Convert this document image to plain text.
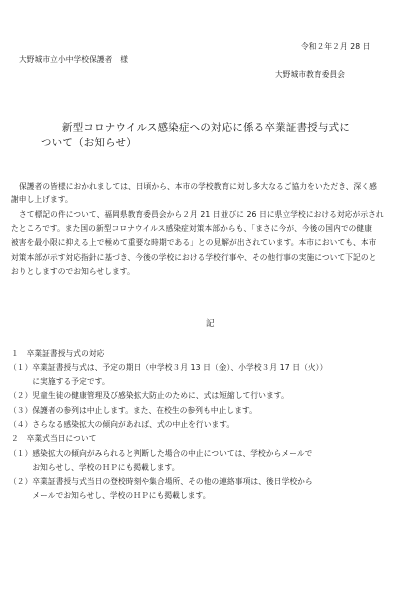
令和２年２月 28 日
大野城市立小中学校保護者　様
大野城市教育委員会
新型コロナウイルス感染症への対応に係る卒業証書授与式に
ついて（お知らせ）
保護者の皆様におかれましては、日頃から、本市の学校教育に対し多大なるご協力をいただき、深く感
謝申し上げます。
さて標記の件について、福岡県教育委員会から２月 21 日並びに 26 日に県立学校における対応が示され
たところです。また国の新型コロナウイルス感染症対策本部からも、「まさに今が、今後の国内での健康
被害を最小限に抑える上で極めて重要な時期である」との見解が出されています。本市においても、本市
対策本部が示す対応指針に基づき、今後の学校における学校行事や、その他行事の実施について下記のと
おりとしますのでお知らせします。
記
１　卒業証書授与式の対応
（１）卒業証書授与式は、予定の期日（中学校３月 13 日（金）、小学校３月 17 日（火））
　　　に実施する予定です。
（２）児童生徒の健康管理及び感染拡大防止のために、式は短縮して行います。
（３）保護者の参列は中止します。また、在校生の参列も中止します。
（４）さらなる感染拡大の傾向があれば、式の中止を行います。
２　卒業式当日について
（１）感染拡大の傾向がみられると判断した場合の中止については、学校からメールで
　　　お知らせし、学校のＨＰにも掲載します。
（２）卒業証書授与式当日の登校時刻や集合場所、その他の連絡事項は、後日学校から
　　　メールでお知らせし、学校のＨＰにも掲載します。
